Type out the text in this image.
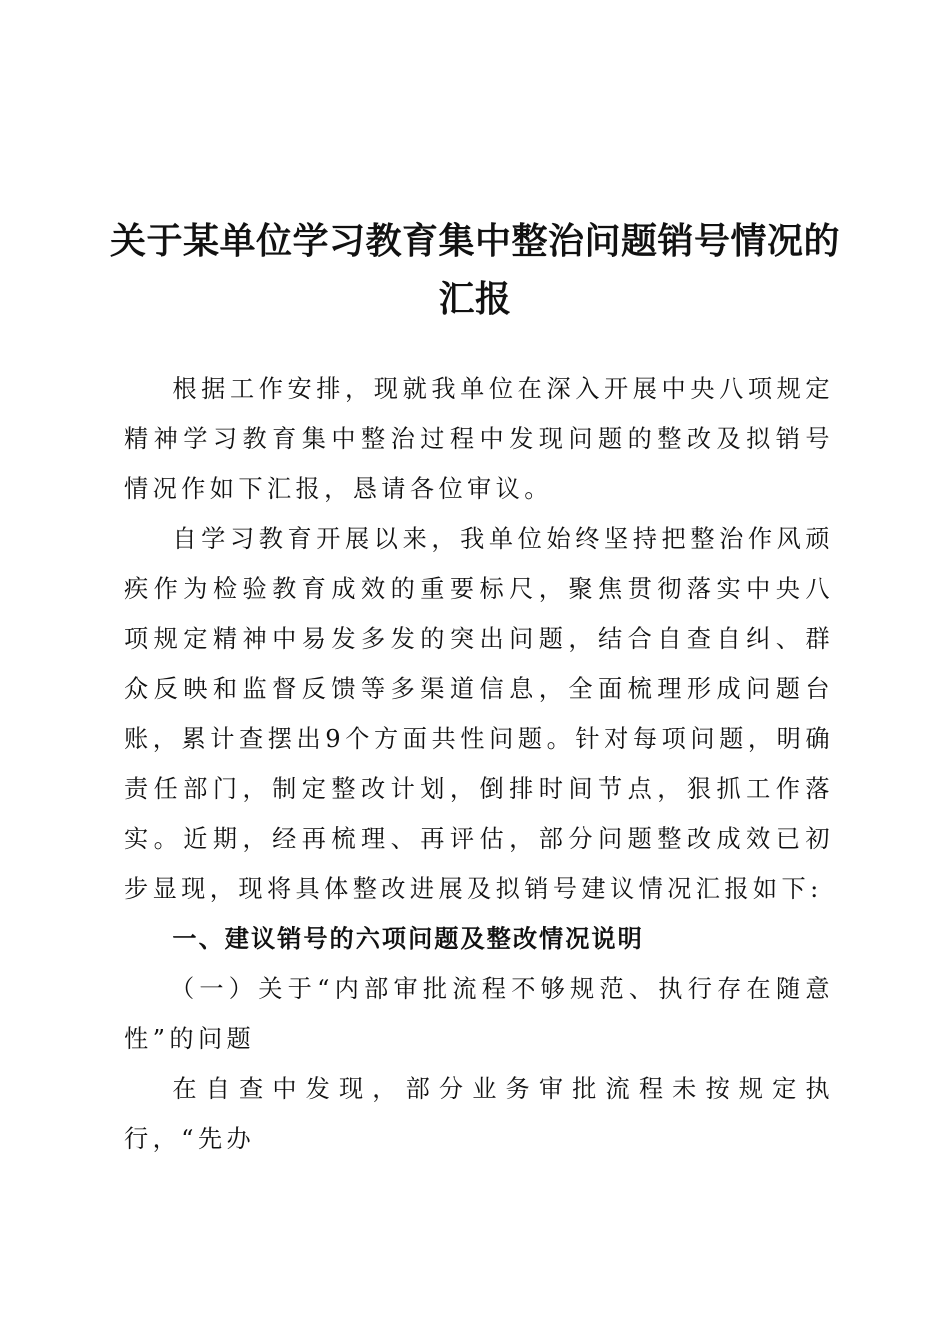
关于某单位学习教育集中整治问题销号情况的
汇报

根据工作安排，现就我单位在深入开展中央八项规定精神学习教育集中整治过程中发现问题的整改及拟销号情况作如下汇报，恳请各位审议。

自学习教育开展以来，我单位始终坚持把整治作风顽疾作为检验教育成效的重要标尺，聚焦贯彻落实中央八项规定精神中易发多发的突出问题，结合自查自纠、群众反映和监督反馈等多渠道信息，全面梳理形成问题台账，累计查摆出9个方面共性问题。针对每项问题，明确责任部门，制定整改计划，倒排时间节点，狠抓工作落实。近期，经再梳理、再评估，部分问题整改成效已初步显现，现将具体整改进展及拟销号建议情况汇报如下:

一、建议销号的六项问题及整改情况说明

（一）关于“内部审批流程不够规范、执行存在随意性”的问题

在自查中发现，部分业务审批流程未按规定执行，“先办
